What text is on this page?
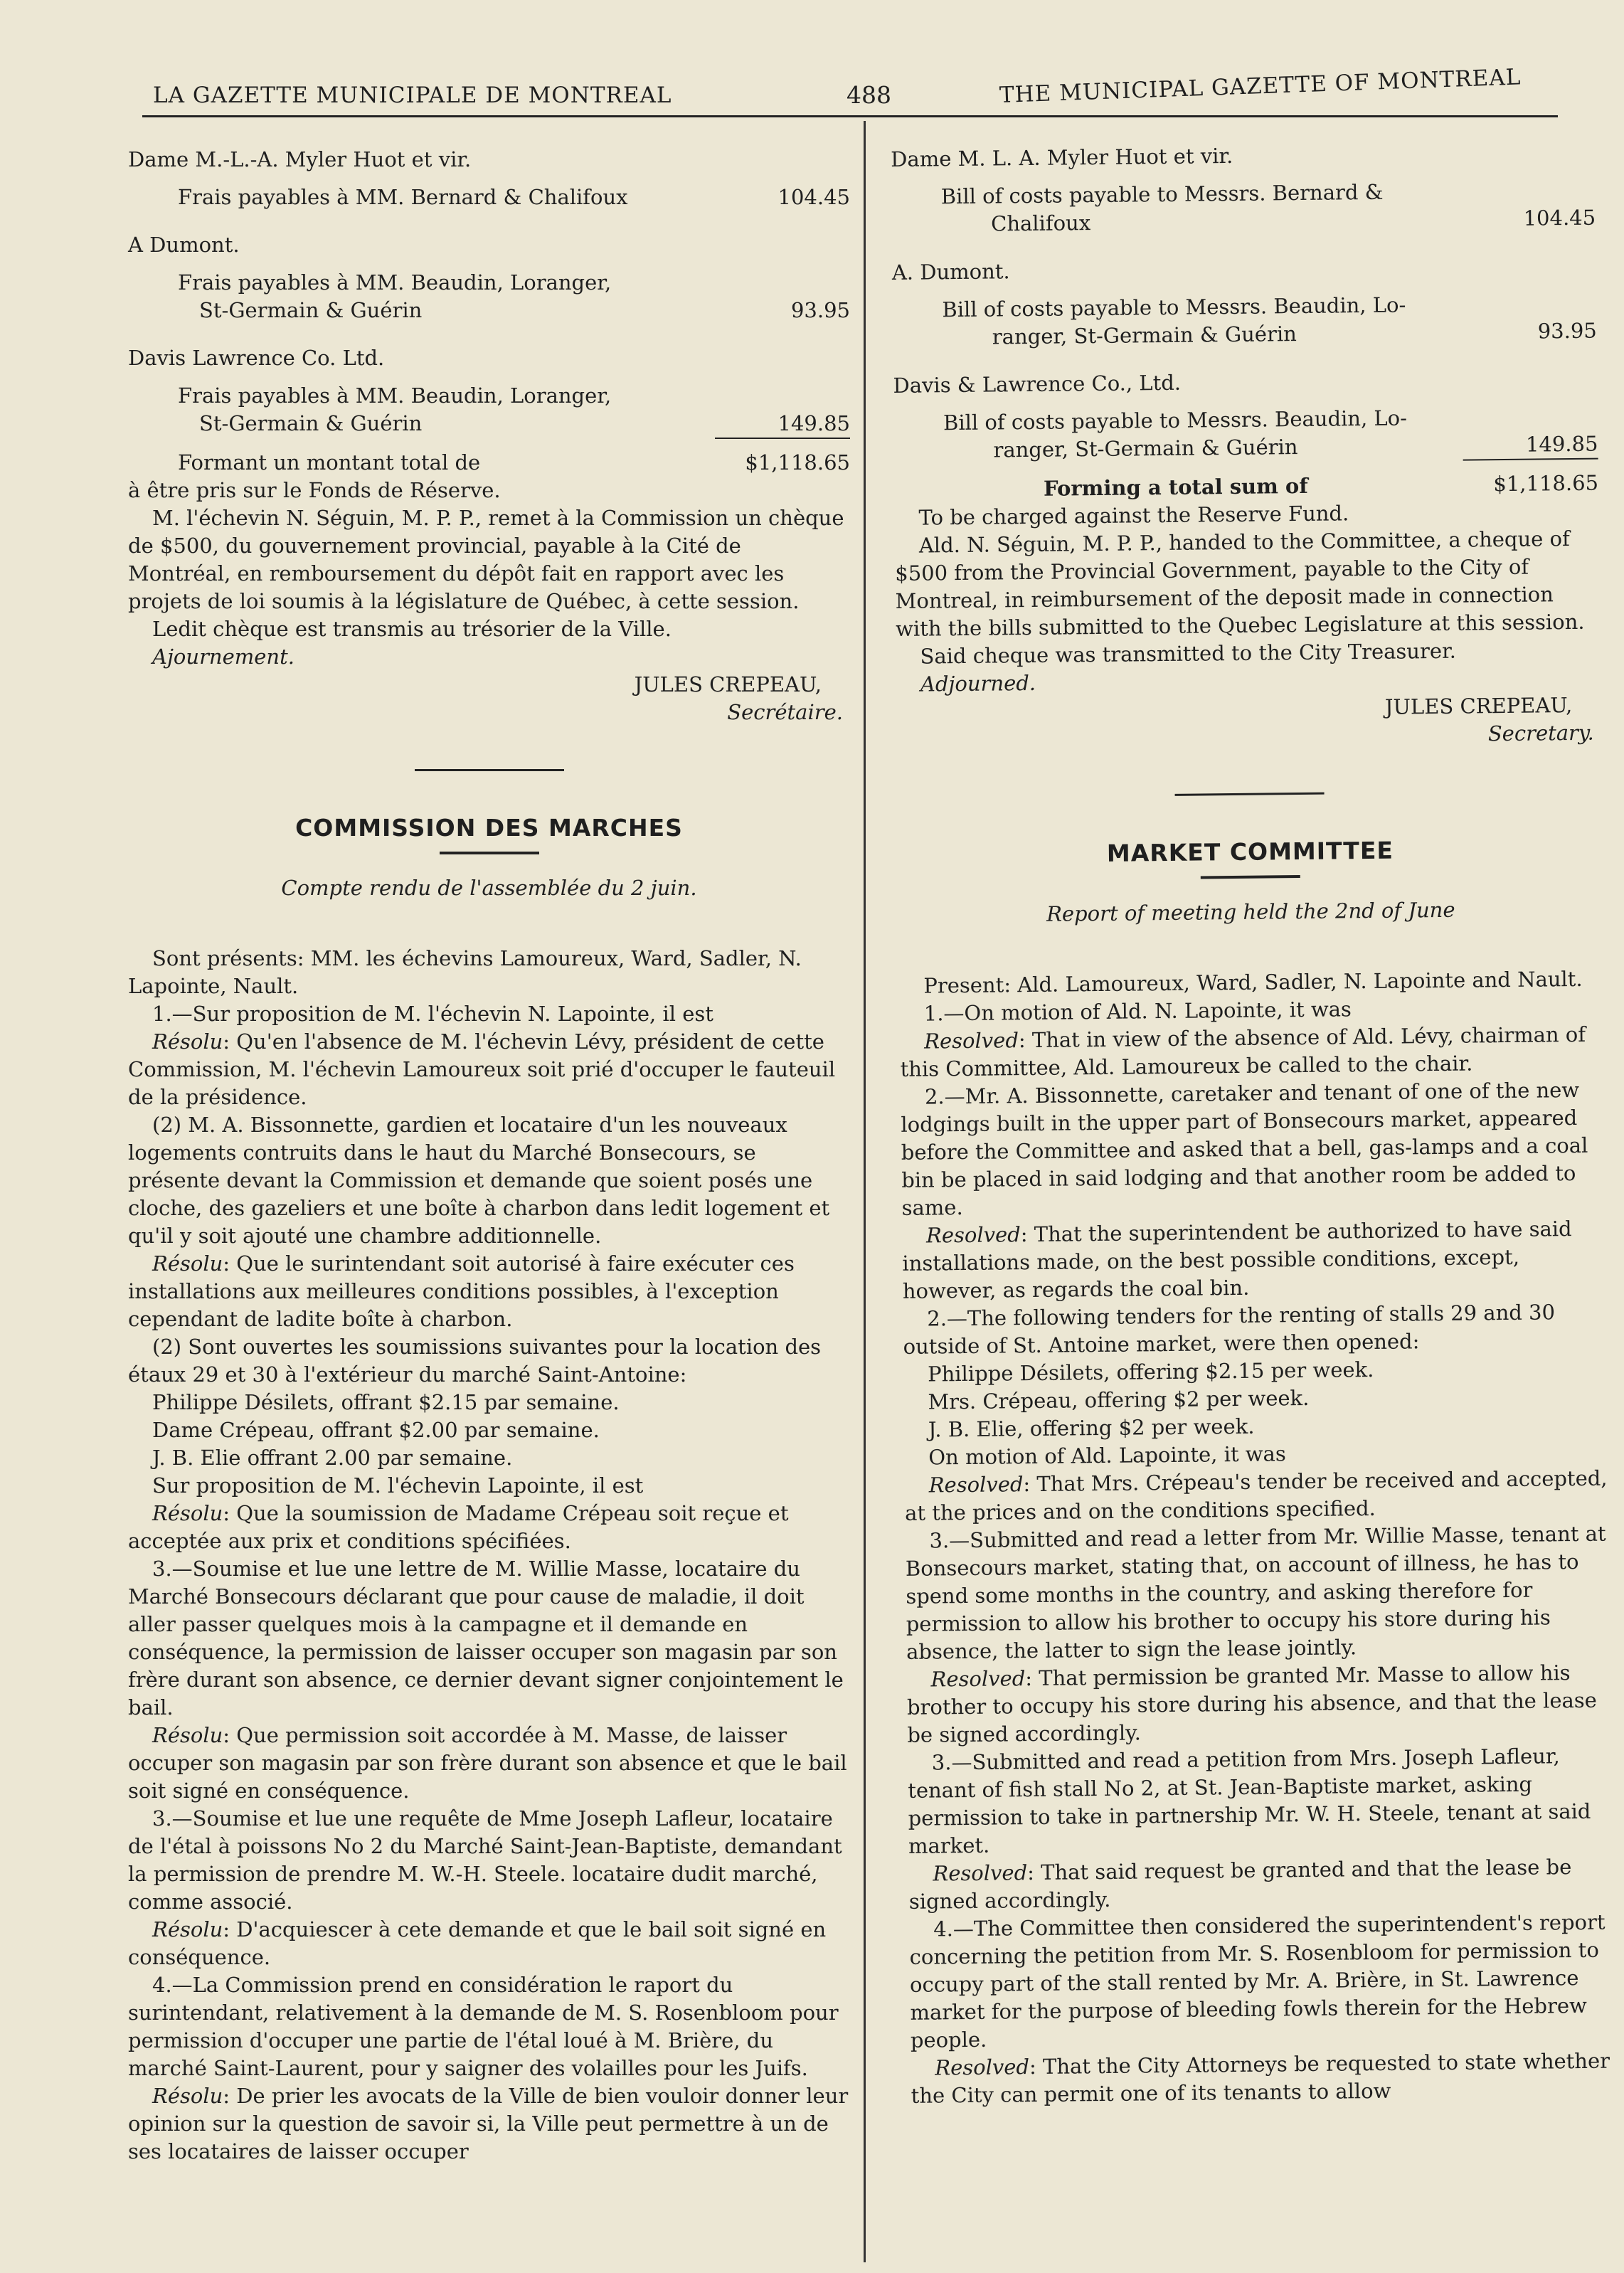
LA GAZETTE MUNICIPALE DE MONTREAL	488	THE MUNICIPAL GAZETTE OF MONTREAL

Dame M.-L.-A. Myler Huot et vir.

Frais payables à MM. Bernard & Chalifoux	104.45

A Dumont.

Frais payables à MM. Beaudin, Loranger,

St-Germain & Guérin	93.95

Davis Lawrence Co. Ltd.

Frais payables à MM. Beaudin, Loranger,

St-Germain & Guérin	149.85
Formant un montant total de	$1,118.65

à être pris sur le Fonds de Réserve.

M. l'échevin N. Séguin, M. P. P., remet à la Commission un chèque de $500, du gouvernement provincial, payable à la Cité de Montréal, en remboursement du dépôt fait en rapport avec les projets de loi soumis à la législature de Québec, à cette session.

Ledit chèque est transmis au trésorier de la Ville.

Ajournement.

JULES CREPEAU,

Secrétaire.

COMMISSION DES MARCHES

Compte rendu de l'assemblée du 2 juin.

Sont présents: MM. les échevins Lamoureux, Ward, Sadler, N. Lapointe, Nault.

1.—Sur proposition de M. l'échevin N. Lapointe, il est

Résolu: Qu'en l'absence de M. l'échevin Lévy, président de cette Commission, M. l'échevin Lamoureux soit prié d'occuper le fauteuil de la présidence.

(2) M. A. Bissonnette, gardien et locataire d'un les nouveaux logements contruits dans le haut du Marché Bonsecours, se présente devant la Commission et demande que soient posés une cloche, des gazeliers et une boîte à charbon dans ledit logement et qu'il y soit ajouté une chambre additionnelle.

Résolu: Que le surintendant soit autorisé à faire exécuter ces installations aux meilleures conditions possibles, à l'exception cependant de ladite boîte à charbon.

(2) Sont ouvertes les soumissions suivantes pour la location des étaux 29 et 30 à l'extérieur du marché Saint-Antoine:

Philippe Désilets, offrant $2.15 par semaine.

Dame Crépeau, offrant $2.00 par semaine.

J. B. Elie offrant 2.00 par semaine.

Sur proposition de M. l'échevin Lapointe, il est

Résolu: Que la soumission de Madame Crépeau soit reçue et acceptée aux prix et conditions spécifiées.

3.—Soumise et lue une lettre de M. Willie Masse, locataire du Marché Bonsecours déclarant que pour cause de maladie, il doit aller passer quelques mois à la campagne et il demande en conséquence, la permission de laisser occuper son magasin par son frère durant son absence, ce dernier devant signer conjointement le bail.

Résolu: Que permission soit accordée à M. Masse, de laisser occuper son magasin par son frère durant son absence et que le bail soit signé en conséquence.

3.—Soumise et lue une requête de Mme Joseph Lafleur, locataire de l'étal à poissons No 2 du Marché Saint-Jean-Baptiste, demandant la permission de prendre M. W.-H. Steele. locataire dudit marché, comme associé.

Résolu: D'acquiescer à cete demande et que le bail soit signé en conséquence.

4.—La Commission prend en considération le raport du surintendant, relativement à la demande de M. S. Rosenbloom pour permission d'occuper une partie de l'étal loué à M. Brière, du marché Saint-Laurent, pour y saigner des volailles pour les Juifs.

Résolu: De prier les avocats de la Ville de bien vouloir donner leur opinion sur la question de savoir si, la Ville peut permettre à un de ses locataires de laisser occuper

Dame M. L. A. Myler Huot et vir.

Bill of costs payable to Messrs. Bernard &

Chalifoux	104.45

A. Dumont.

Bill of costs payable to Messrs. Beaudin, Lo-

ranger, St-Germain & Guérin	93.95

Davis & Lawrence Co., Ltd.

Bill of costs payable to Messrs. Beaudin, Lo-

ranger, St-Germain & Guérin	149.85
Forming a total sum of	$1,118.65

To be charged against the Reserve Fund.

Ald. N. Séguin, M. P. P., handed to the Committee, a cheque of $500 from the Provincial Government, payable to the City of Montreal, in reimbursement of the deposit made in connection with the bills submitted to the Quebec Legislature at this session.

Said cheque was transmitted to the City Treasurer.

Adjourned.

JULES CREPEAU,

Secretary.

MARKET COMMITTEE

Report of meeting held the 2nd of June

Present: Ald. Lamoureux, Ward, Sadler, N. Lapointe and Nault.

1.—On motion of Ald. N. Lapointe, it was

Resolved: That in view of the absence of Ald. Lévy, chairman of this Committee, Ald. Lamoureux be called to the chair.

2.—Mr. A. Bissonnette, caretaker and tenant of one of the new lodgings built in the upper part of Bonsecours market, appeared before the Committee and asked that a bell, gas-lamps and a coal bin be placed in said lodging and that another room be added to same.

Resolved: That the superintendent be authorized to have said installations made, on the best possible conditions, except, however, as regards the coal bin.

2.—The following tenders for the renting of stalls 29 and 30 outside of St. Antoine market, were then opened:

Philippe Désilets, offering $2.15 per week.

Mrs. Crépeau, offering $2 per week.

J. B. Elie, offering $2 per week.

On motion of Ald. Lapointe, it was

Resolved: That Mrs. Crépeau's tender be received and accepted, at the prices and on the conditions specified.

3.—Submitted and read a letter from Mr. Willie Masse, tenant at Bonsecours market, stating that, on account of illness, he has to spend some months in the country, and asking therefore for permission to allow his brother to occupy his store during his absence, the latter to sign the lease jointly.

Resolved: That permission be granted Mr. Masse to allow his brother to occupy his store during his absence, and that the lease be signed accordingly.

3.—Submitted and read a petition from Mrs. Joseph Lafleur, tenant of fish stall No 2, at St. Jean-Baptiste market, asking permission to take in partnership Mr. W. H. Steele, tenant at said market.

Resolved: That said request be granted and that the lease be signed accordingly.

4.—The Committee then considered the superintendent's report concerning the petition from Mr. S. Rosenbloom for permission to occupy part of the stall rented by Mr. A. Brière, in St. Lawrence market for the purpose of bleeding fowls therein for the Hebrew people.

Resolved: That the City Attorneys be requested to state whether the City can permit one of its tenants to allow
